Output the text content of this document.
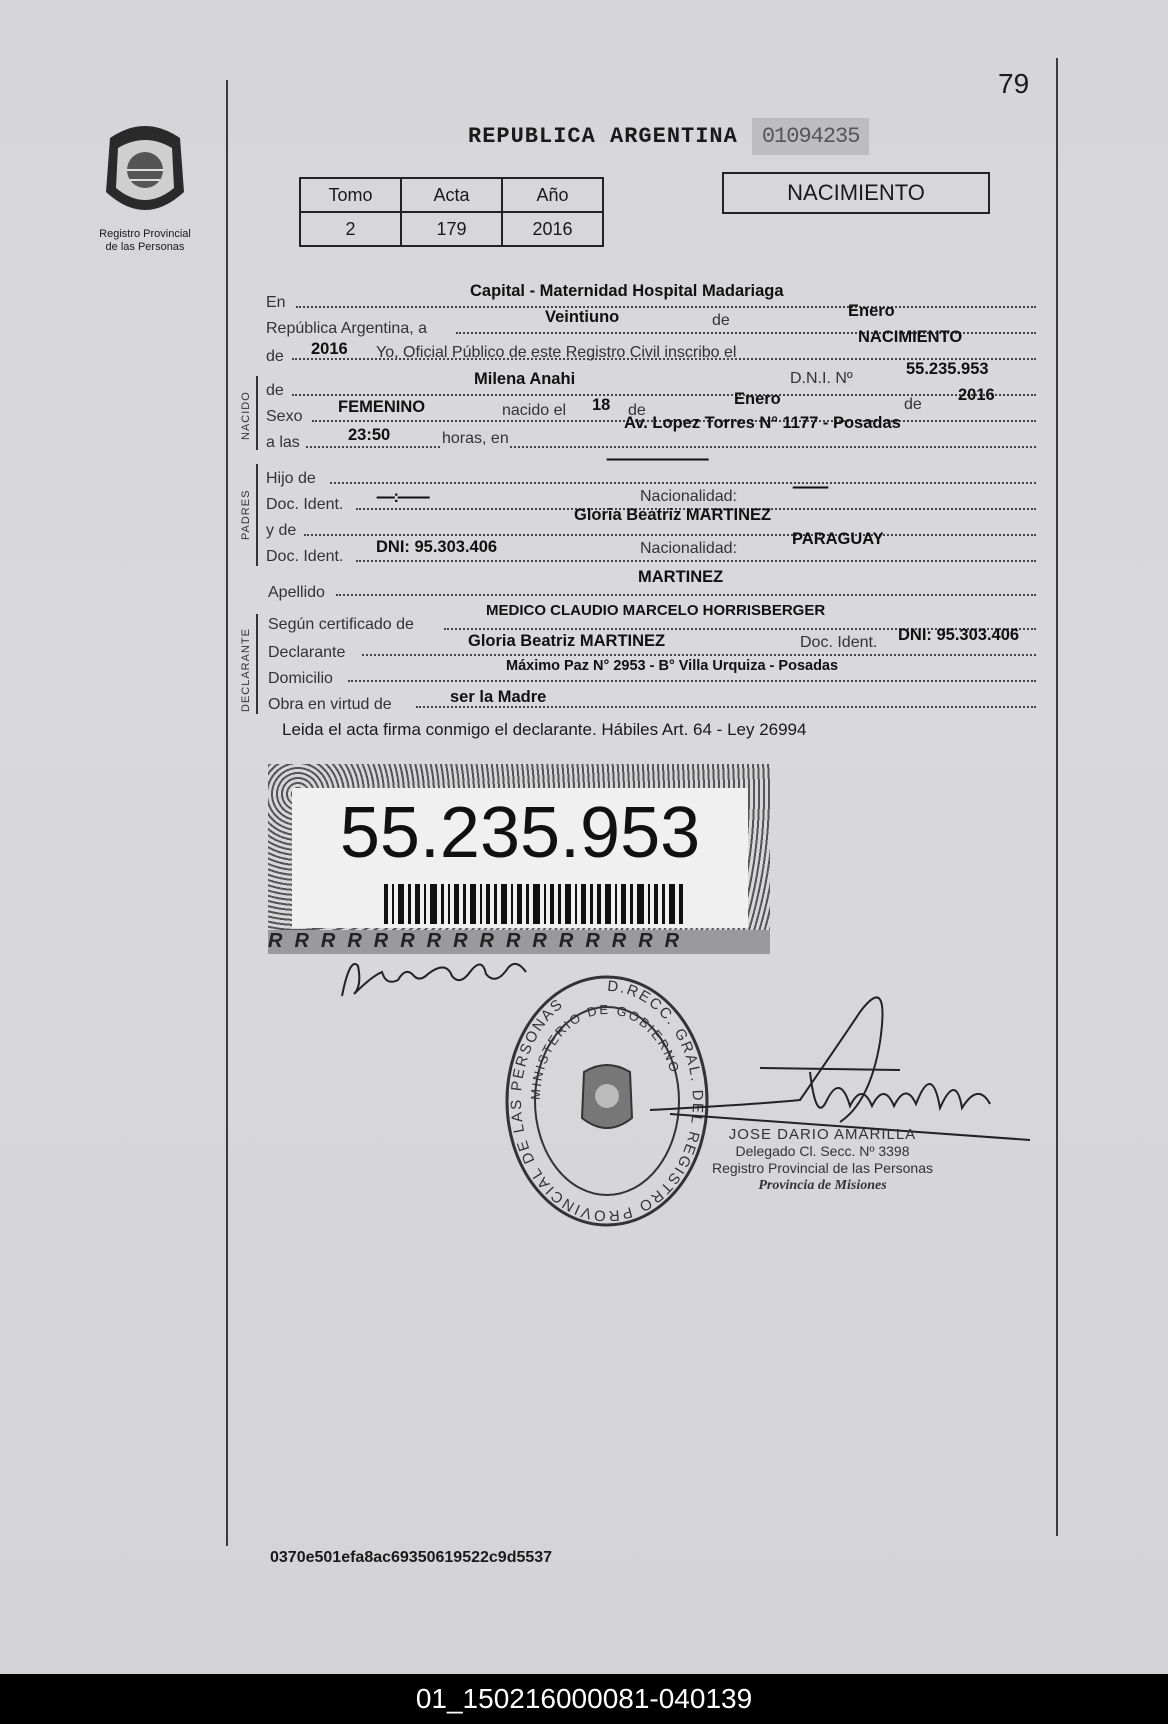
79
Registro Provincial
de las Personas
REPUBLICA ARGENTINA	01094235
Tomo	Acta	Año
2	179	2016
NACIMIENTO
En
Capital - Maternidad Hospital Madariaga
República Argentina, a
Veintiuno	de
Enero
de 2016 Yo, Oficial Público de este Registro Civil inscribo el
NACIMIENTO
NACIDO
de
Milena Anahi	D.N.I. Nº
55.235.953
Sexo
FEMENINO	nacido el 18 de
Enero	de
2016
a las	23:50	horas, en
Av. Lopez Torres N° 1177 - Posadas
PADRES
Hijo de
-----------------------------
Doc. Ident. -----:---------	Nacionalidad:
----------
y de
Gloria Beatriz MARTINEZ
Doc. Ident.
DNI: 95.303.406	Nacionalidad:
PARAGUAY
Apellido
MARTINEZ
DECLARANTE
Según certificado de
MEDICO CLAUDIO MARCELO HORRISBERGER
Declarante
Gloria Beatriz MARTINEZ	Doc. Ident. DNI: 95.303.406
Domicilio
Máximo Paz N° 2953 - B° Villa Urquiza - Posadas
Obra en virtud de	ser la Madre
Leida el acta firma conmigo el declarante. Hábiles Art. 64 - Ley 26994
55.235.953
RRRRRRRRRRRRRRRR
D.RECC. GRAL. DEL REGISTRO PROVINCIAL DE LAS PERSONAS
MINISTERIO DE GOBIERNO
JOSE DARIO AMARILLA
Delegado Cl. Secc. Nº 3398
Registro Provincial de las Personas
Provincia de Misiones
0370e501efa8ac69350619522c9d5537
01_150216000081-040139
